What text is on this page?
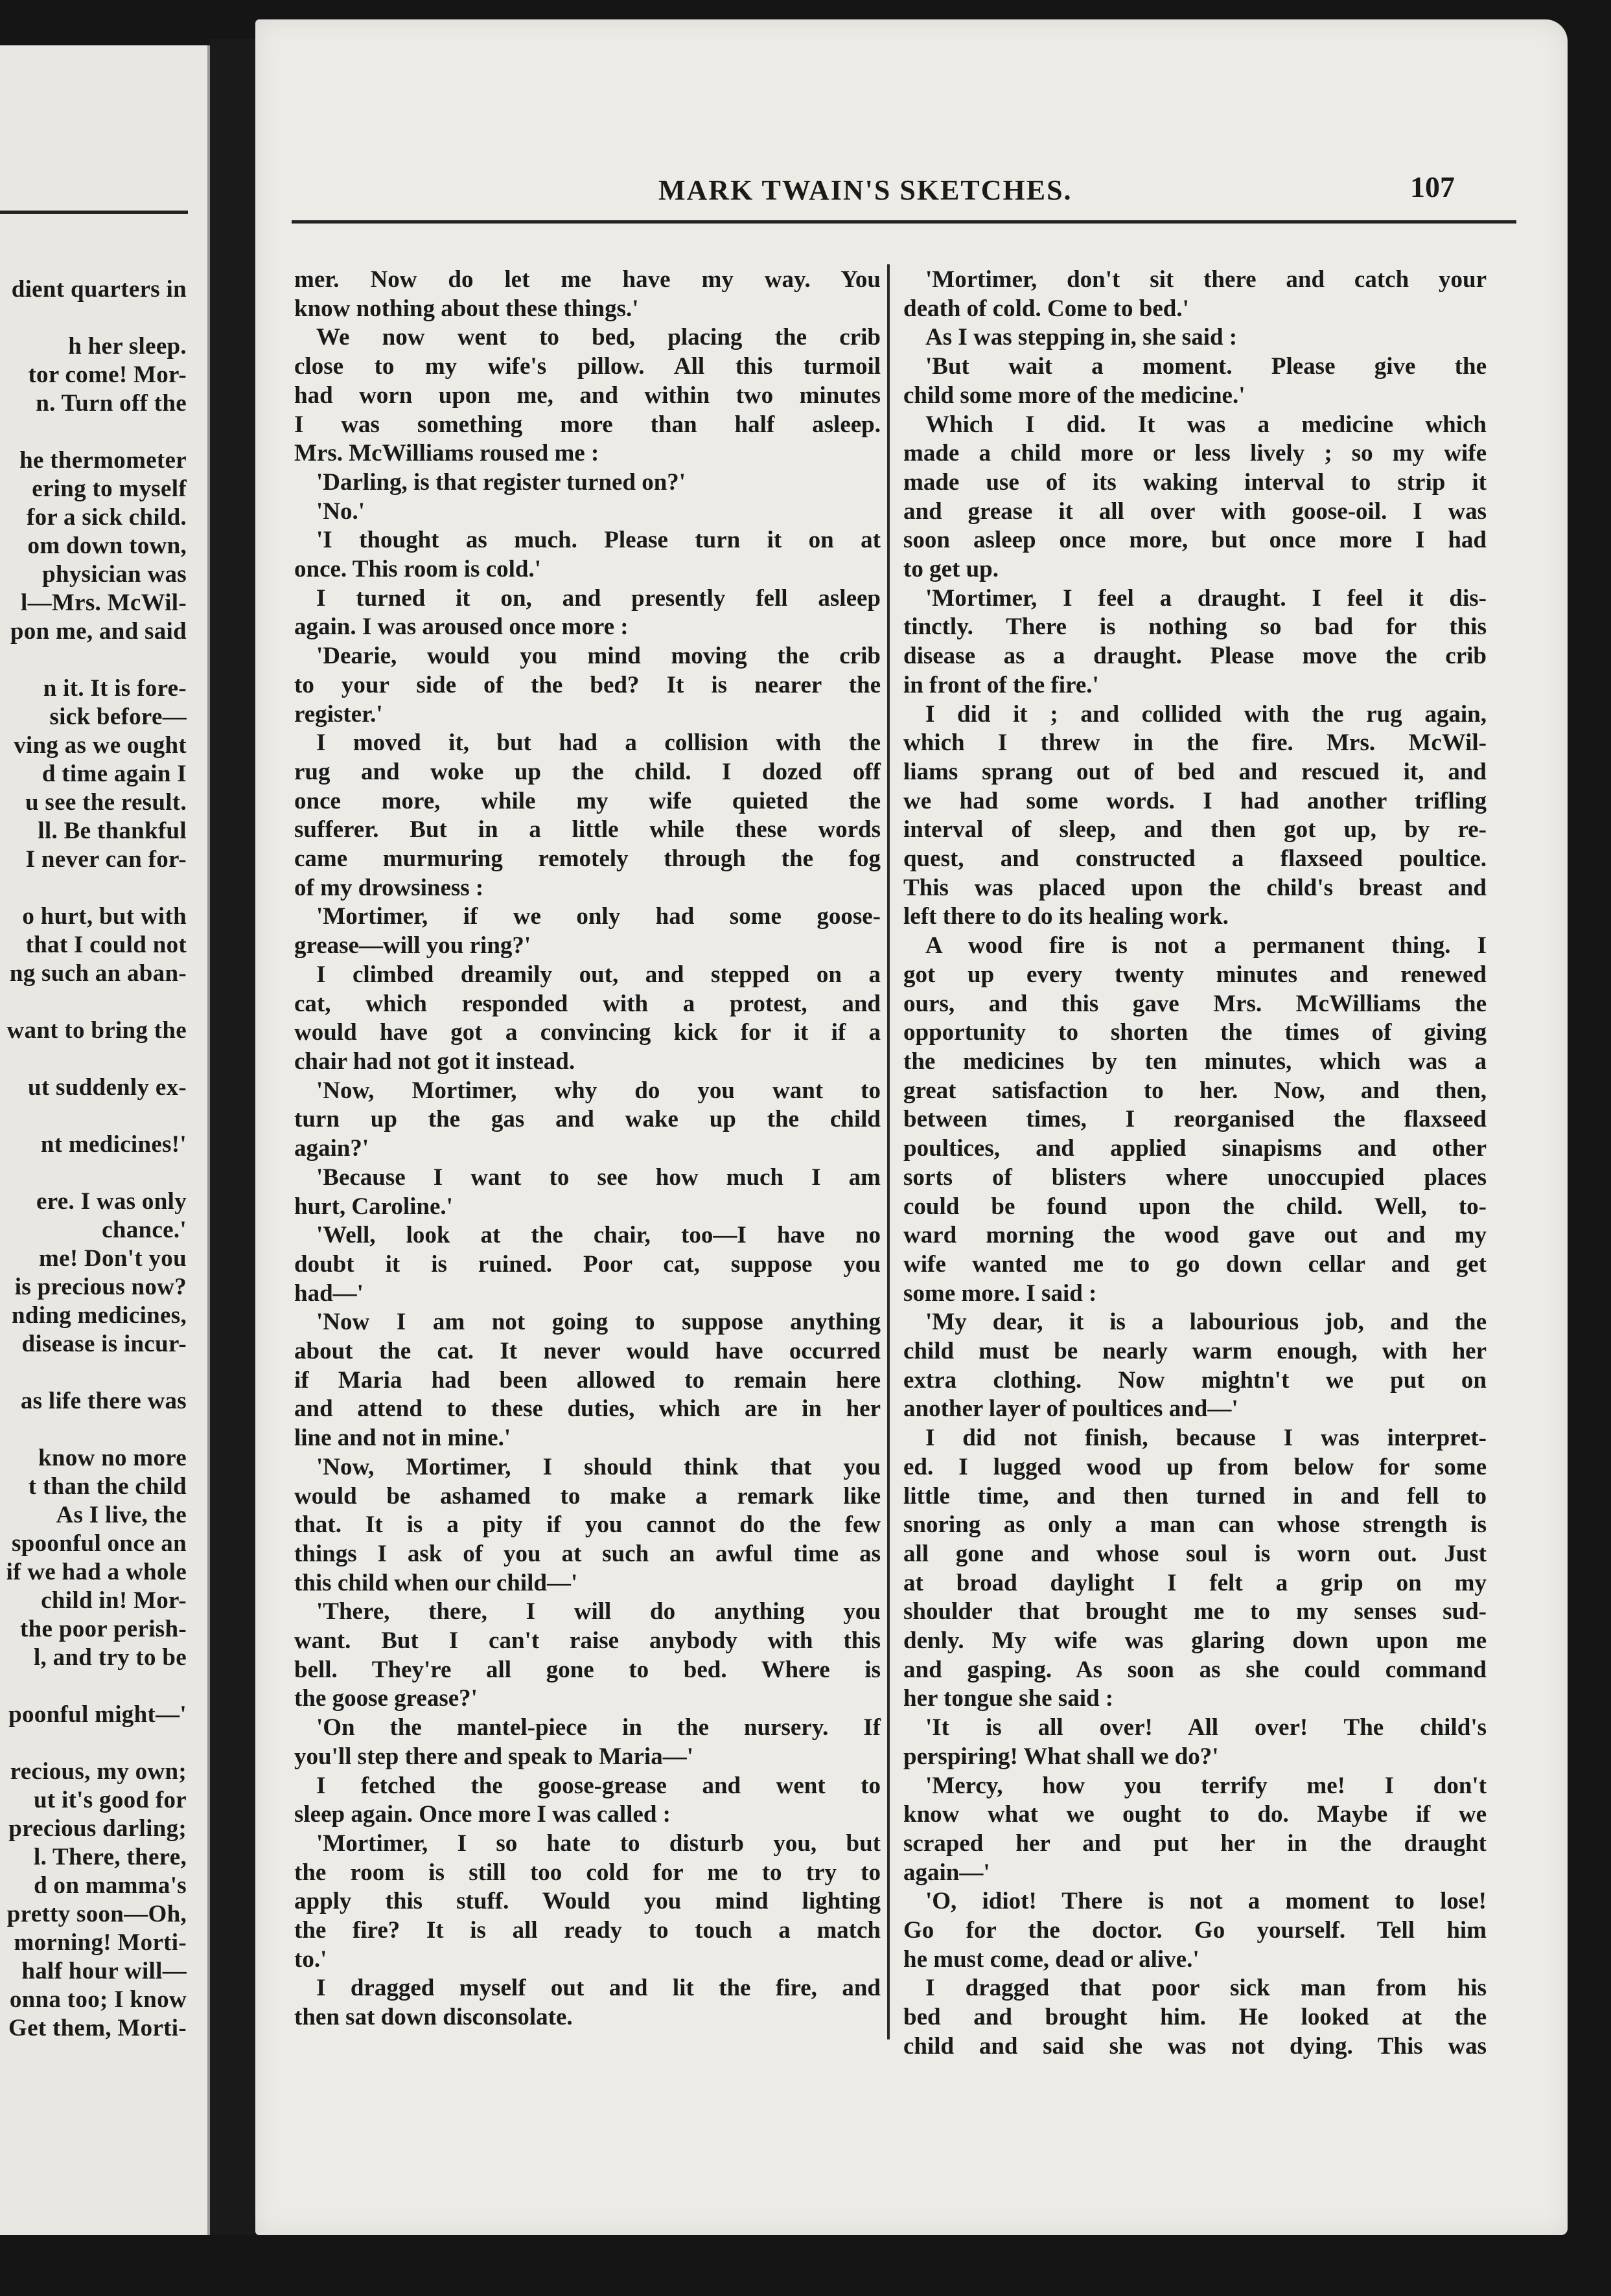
dient quarters in

h her sleep.
tor come! Mor-
n. Turn off the

he thermometer
ering to myself
for a sick child.
om down town,
physician was
l—Mrs. McWil-
pon me, and said

n it. It is fore-
sick before—
ving as we ought
d time again I
u see the result.
ll. Be thankful
I never can for-

o hurt, but with
that I could not
ng such an aban-

want to bring the

ut suddenly ex-

nt medicines!'

ere. I was only
chance.'
me! Don't you
is precious now?
nding medicines,
disease is incur-

as life there was

know no more
t than the child
As I live, the
spoonful once an
if we had a whole
child in! Mor-
the poor perish-
l, and try to be

poonful might—'

recious, my own;
ut it's good for
precious darling;
l. There, there,
d on mamma's
pretty soon—Oh,
morning! Morti-
half hour will—
onna too; I know
Get them, Morti-
MARK TWAIN'S SKETCHES.	107

mer. Now do let me have my way. You

know nothing about these things.'

We now went to bed, placing the crib

close to my wife's pillow. All this turmoil

had worn upon me, and within two minutes

I was something more than half asleep.

Mrs. McWilliams roused me :

'Darling, is that register turned on?'

'No.'

'I thought as much. Please turn it on at

once. This room is cold.'

I turned it on, and presently fell asleep

again. I was aroused once more :

'Dearie, would you mind moving the crib

to your side of the bed? It is nearer the

register.'

I moved it, but had a collision with the

rug and woke up the child. I dozed off

once more, while my wife quieted the

sufferer. But in a little while these words

came murmuring remotely through the fog

of my drowsiness :

'Mortimer, if we only had some goose-

grease—will you ring?'

I climbed dreamily out, and stepped on a

cat, which responded with a protest, and

would have got a convincing kick for it if a

chair had not got it instead.

'Now, Mortimer, why do you want to

turn up the gas and wake up the child

again?'

'Because I want to see how much I am

hurt, Caroline.'

'Well, look at the chair, too—I have no

doubt it is ruined. Poor cat, suppose you

had—'

'Now I am not going to suppose anything

about the cat. It never would have occurred

if Maria had been allowed to remain here

and attend to these duties, which are in her

line and not in mine.'

'Now, Mortimer, I should think that you

would be ashamed to make a remark like

that. It is a pity if you cannot do the few

things I ask of you at such an awful time as

this child when our child—'

'There, there, I will do anything you

want. But I can't raise anybody with this

bell. They're all gone to bed. Where is

the goose grease?'

'On the mantel-piece in the nursery. If

you'll step there and speak to Maria—'

I fetched the goose-grease and went to

sleep again. Once more I was called :

'Mortimer, I so hate to disturb you, but

the room is still too cold for me to try to

apply this stuff. Would you mind lighting

the fire? It is all ready to touch a match

to.'

I dragged myself out and lit the fire, and

then sat down disconsolate.

'Mortimer, don't sit there and catch your

death of cold. Come to bed.'

As I was stepping in, she said :

'But wait a moment. Please give the

child some more of the medicine.'

Which I did. It was a medicine which

made a child more or less lively ; so my wife

made use of its waking interval to strip it

and grease it all over with goose-oil. I was

soon asleep once more, but once more I had

to get up.

'Mortimer, I feel a draught. I feel it dis-

tinctly. There is nothing so bad for this

disease as a draught. Please move the crib

in front of the fire.'

I did it ; and collided with the rug again,

which I threw in the fire. Mrs. McWil-

liams sprang out of bed and rescued it, and

we had some words. I had another trifling

interval of sleep, and then got up, by re-

quest, and constructed a flaxseed poultice.

This was placed upon the child's breast and

left there to do its healing work.

A wood fire is not a permanent thing. I

got up every twenty minutes and renewed

ours, and this gave Mrs. McWilliams the

opportunity to shorten the times of giving

the medicines by ten minutes, which was a

great satisfaction to her. Now, and then,

between times, I reorganised the flaxseed

poultices, and applied sinapisms and other

sorts of blisters where unoccupied places

could be found upon the child. Well, to-

ward morning the wood gave out and my

wife wanted me to go down cellar and get

some more. I said :

'My dear, it is a labourious job, and the

child must be nearly warm enough, with her

extra clothing. Now mightn't we put on

another layer of poultices and—'

I did not finish, because I was interpret-

ed. I lugged wood up from below for some

little time, and then turned in and fell to

snoring as only a man can whose strength is

all gone and whose soul is worn out. Just

at broad daylight I felt a grip on my

shoulder that brought me to my senses sud-

denly. My wife was glaring down upon me

and gasping. As soon as she could command

her tongue she said :

'It is all over! All over! The child's

perspiring! What shall we do?'

'Mercy, how you terrify me! I don't

know what we ought to do. Maybe if we

scraped her and put her in the draught

again—'

'O, idiot! There is not a moment to lose!

Go for the doctor. Go yourself. Tell him

he must come, dead or alive.'

I dragged that poor sick man from his

bed and brought him. He looked at the

child and said she was not dying. This was
